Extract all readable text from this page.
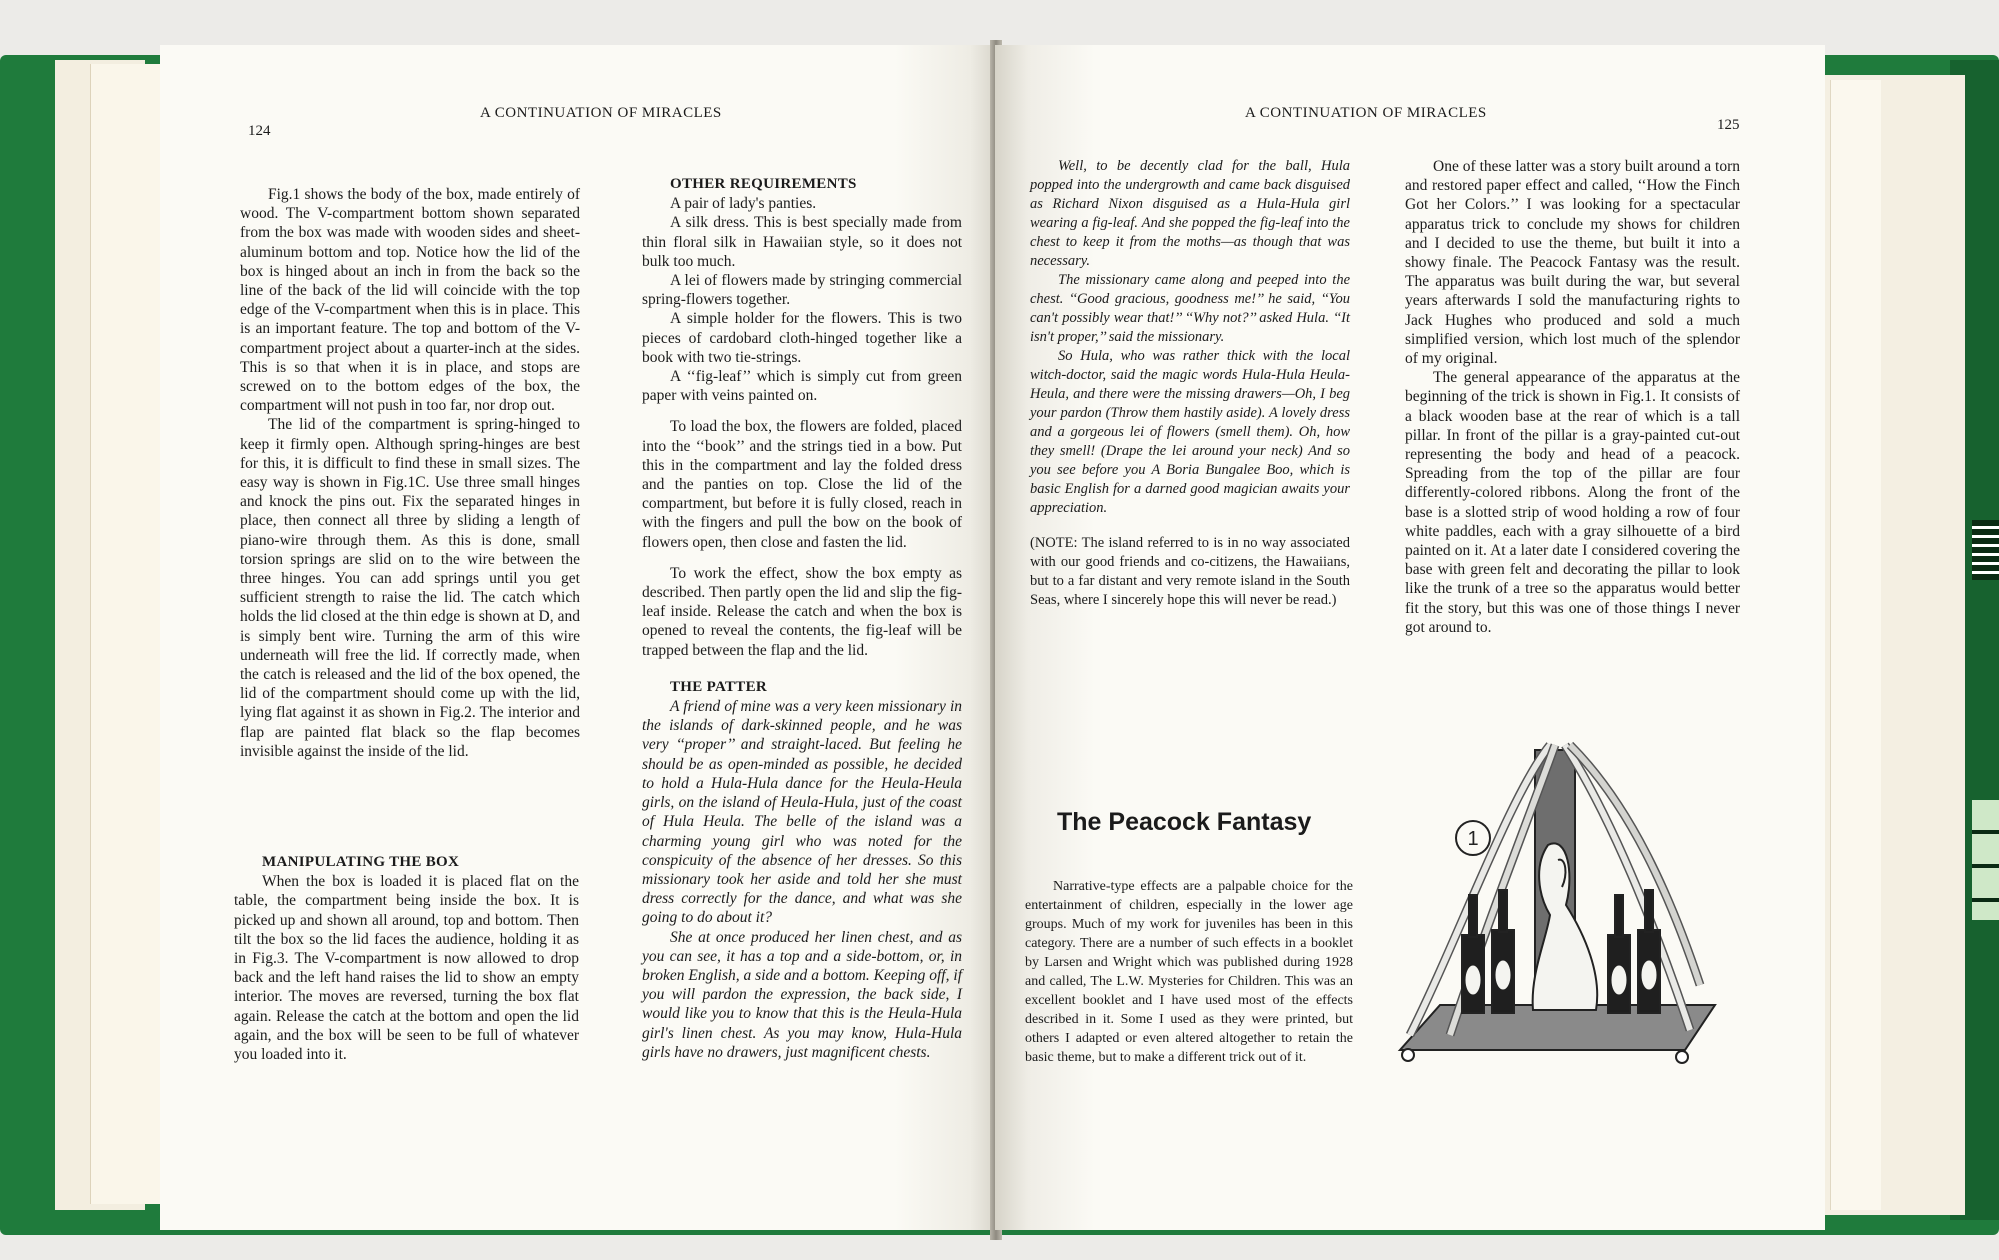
124
A CONTINUATION OF MIRACLES

Fig.1 shows the body of the box, made entirely of wood. The V-compartment bottom shown separated from the box was made with wooden sides and sheet-aluminum bottom and top. Notice how the lid of the box is hinged about an inch in from the back so the line of the back of the lid will coincide with the top edge of the V-compartment when this is in place. This is an important feature. The top and bottom of the V-compartment project about a quarter-inch at the sides. This is so that when it is in place, and stops are screwed on to the bottom edges of the box, the compartment will not push in too far, nor drop out.

The lid of the compartment is spring-hinged to keep it firmly open. Although spring-hinges are best for this, it is difficult to find these in small sizes. The easy way is shown in Fig.1C. Use three small hinges and knock the pins out. Fix the separated hinges in place, then connect all three by sliding a length of piano-wire through them. As this is done, small torsion springs are slid on to the wire between the three hinges. You can add springs until you get sufficient strength to raise the lid. The catch which holds the lid closed at the thin edge is shown at D, and is simply bent wire. Turning the arm of this wire underneath will free the lid. If correctly made, when the catch is released and the lid of the box opened, the lid of the compartment should come up with the lid, lying flat against it as shown in Fig.2. The interior and flap are painted flat black so the flap becomes invisible against the inside of the lid.

MANIPULATING THE BOX

When the box is loaded it is placed flat on the table, the compartment being inside the box. It is picked up and shown all around, top and bottom. Then tilt the box so the lid faces the audience, holding it as in Fig.3. The V-compartment is now allowed to drop back and the left hand raises the lid to show an empty interior. The moves are reversed, turning the box flat again. Release the catch at the bottom and open the lid again, and the box will be seen to be full of whatever you loaded into it.

OTHER REQUIREMENTS

A pair of lady's panties.

A silk dress. This is best specially made from thin floral silk in Hawaiian style, so it does not bulk too much.

A lei of flowers made by stringing commercial spring-flowers together.

A simple holder for the flowers. This is two pieces of cardobard cloth-hinged together like a book with two tie-strings.

A ‘‘fig-leaf’’ which is simply cut from green paper with veins painted on.

To load the box, the flowers are folded, placed into the ‘‘book’’ and the strings tied in a bow. Put this in the compartment and lay the folded dress and the panties on top. Close the lid of the compartment, but before it is fully closed, reach in with the fingers and pull the bow on the book of flowers open, then close and fasten the lid.

To work the effect, show the box empty as described. Then partly open the lid and slip the fig-leaf inside. Release the catch and when the box is opened to reveal the contents, the fig-leaf will be trapped between the flap and the lid.

THE PATTER

A friend of mine was a very keen missionary in the islands of dark-skinned people, and he was very ‘‘proper’’ and straight-laced. But feeling he should be as open-minded as possible, he decided to hold a Hula-Hula dance for the Heula-Heula girls, on the island of Heula-Hula, just of the coast of Hula Heula. The belle of the island was a charming young girl who was noted for the conspicuity of the absence of her dresses. So this missionary took her aside and told her she must dress correctly for the dance, and what was she going to do about it?

She at once produced her linen chest, and as you can see, it has a top and a side-bottom, or, in broken English, a side and a bottom. Keeping off, if you will pardon the expression, the back side, I would like you to know that this is the Heula-Hula girl's linen chest. As you may know, Hula-Hula girls have no drawers, just magnificent chests.

A CONTINUATION OF MIRACLES
125

Well, to be decently clad for the ball, Hula popped into the undergrowth and came back disguised as Richard Nixon disguised as a Hula-Hula girl wearing a fig-leaf. And she popped the fig-leaf into the chest to keep it from the moths—as though that was necessary.

The missionary came along and peeped into the chest. ‘‘Good gracious, goodness me!’’ he said, ‘‘You can't possibly wear that!’’ ‘‘Why not?’’ asked Hula. ‘‘It isn't proper,’’ said the missionary.

So Hula, who was rather thick with the local witch-doctor, said the magic words Hula-Hula Heula-Heula, and there were the missing drawers—Oh, I beg your pardon (Throw them hastily aside). A lovely dress and a gorgeous lei of flowers (smell them). Oh, how they smell! (Drape the lei around your neck) And so you see before you A Boria Bungalee Boo, which is basic English for a darned good magician awaits your appreciation.

(NOTE: The island referred to is in no way associated with our good friends and co-citizens, the Hawaiians, but to a far distant and very remote island in the South Seas, where I sincerely hope this will never be read.)

The Peacock Fantasy

Narrative-type effects are a palpable choice for the entertainment of children, especially in the lower age groups. Much of my work for juveniles has been in this category. There are a number of such effects in a booklet by Larsen and Wright which was published during 1928 and called, The L.W. Mysteries for Children. This was an excellent booklet and I have used most of the effects described in it. Some I used as they were printed, but others I adapted or even altered altogether to retain the basic theme, but to make a different trick out of it.

One of these latter was a story built around a torn and restored paper effect and called, ‘‘How the Finch Got her Colors.’’ I was looking for a spectacular apparatus trick to conclude my shows for children and I decided to use the theme, but built it into a showy finale. The Peacock Fantasy was the result. The apparatus was built during the war, but several years afterwards I sold the manufacturing rights to Jack Hughes who produced and sold a much simplified version, which lost much of the splendor of my original.

The general appearance of the apparatus at the beginning of the trick is shown in Fig.1. It consists of a black wooden base at the rear of which is a tall pillar. In front of the pillar is a gray-painted cut-out representing the body and head of a peacock. Spreading from the top of the pillar are four differently-colored ribbons. Along the front of the base is a slotted strip of wood holding a row of four white paddles, each with a gray silhouette of a bird painted on it. At a later date I considered covering the base with green felt and decorating the pillar to look like the trunk of a tree so the apparatus would better fit the story, but this was one of those things I never got around to.

1
